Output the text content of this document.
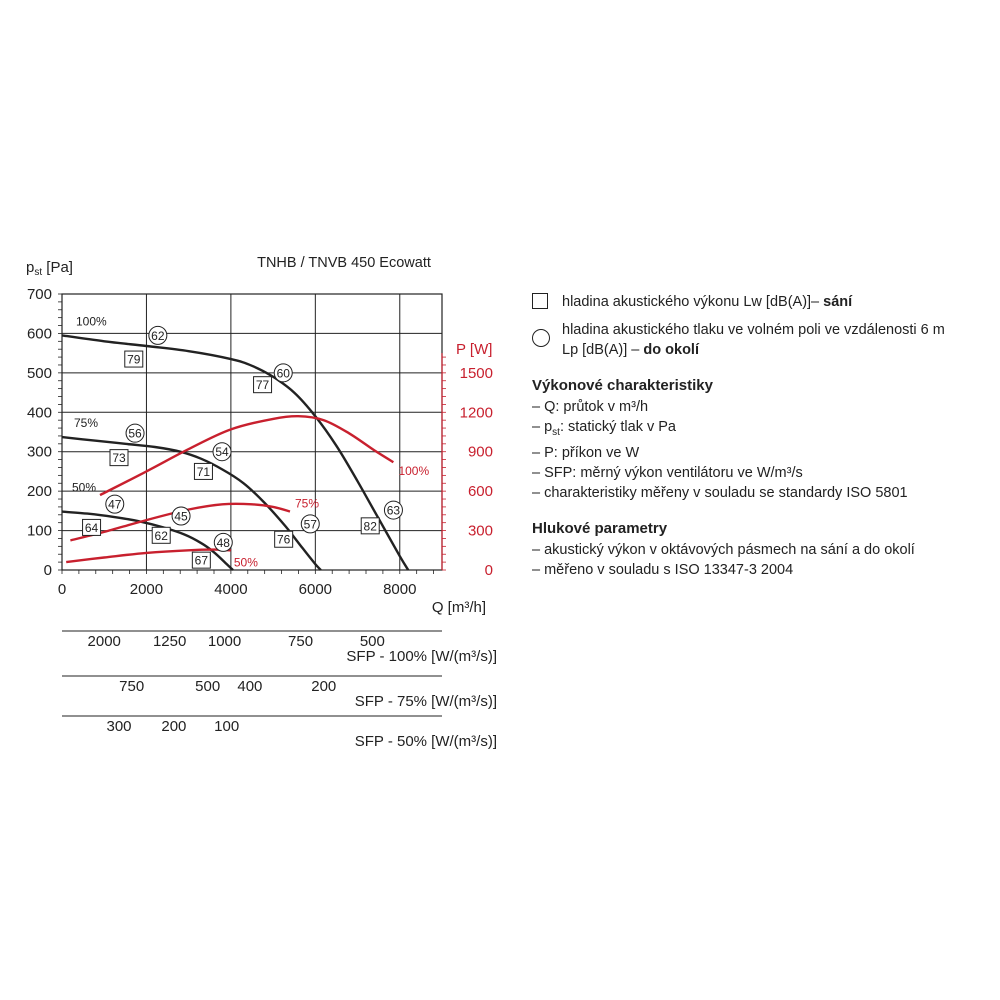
TNHB / TNVB 450 Ecowatt
$p_{st}$ [Pa]
P [W]
Q [m³/h]
0
100
200
300
400
500
600
700
0	2000	4000	6000	8000
0
300
600
900
1200
1500
100%
75%
50%
100%
75%
50%
79
77
73
71
64
62	76
82
67
62
60
56
54
47
45
57
48
63
2000 1250 1000	750	500
SFP - 100% [W/(m³/s)]
750	500 400	200
SFP - 75% [W/(m³/s)]
300 200 100
SFP - 50% [W/(m³/s)]
hladina akustického výkonu Lw [dB(A)]– sání
hladina akustického tlaku ve volném poli ve vzdálenosti 6 m
Lp [dB(A)] – do okolí
Výkonové charakteristiky
– Q: průtok v m³/h
– $p_{st}$: statický tlak v Pa
– P: příkon ve W
– SFP: měrný výkon ventilátoru ve W/m³/s
– charakteristiky měřeny v souladu se standardy ISO 5801
Hlukové parametry
– akustický výkon v oktávových pásmech na sání a do okolí
– měřeno v souladu s ISO 13347-3 2004
